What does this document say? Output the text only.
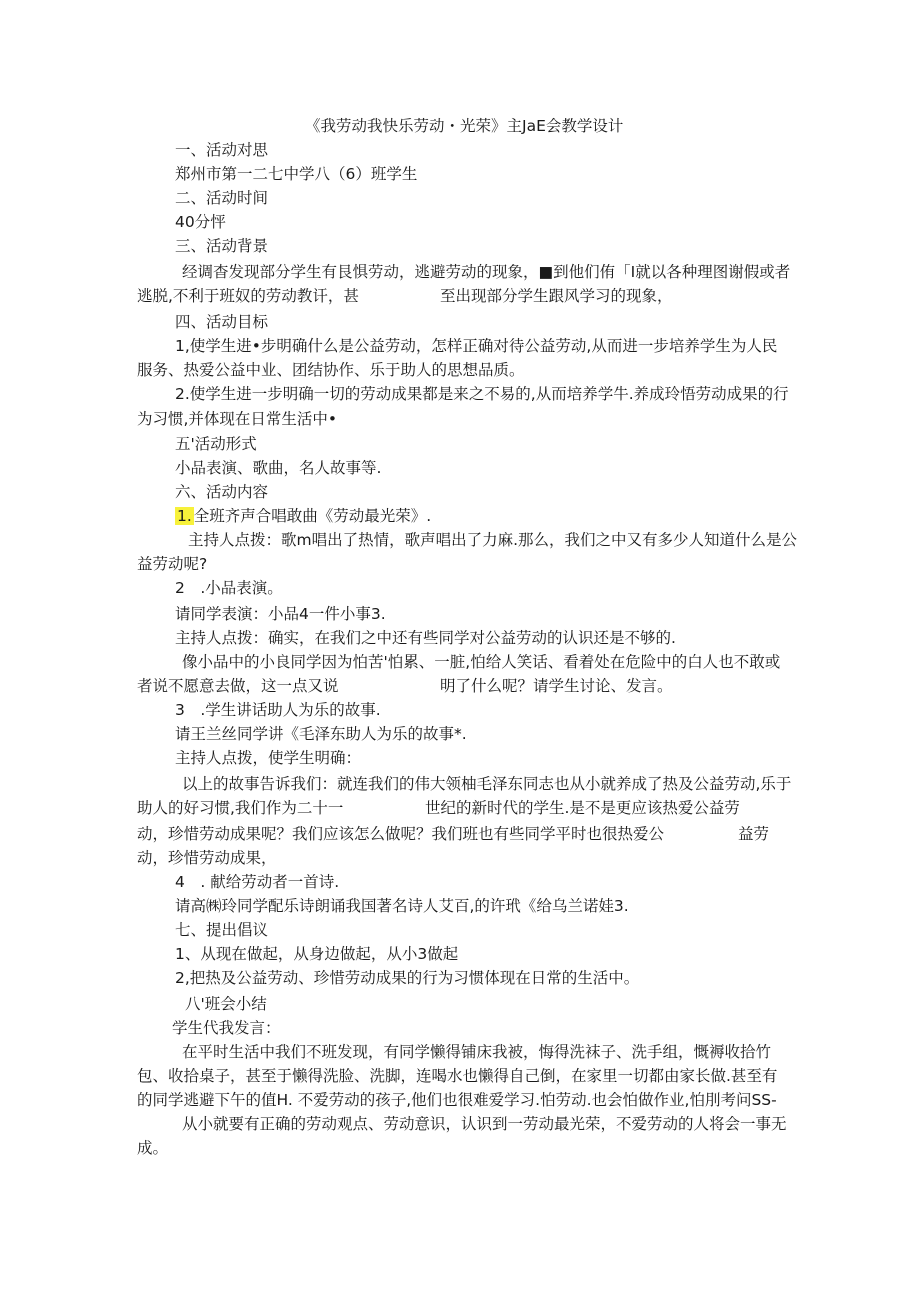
《我劳动我快乐劳动・光荣》主JaE会教学设计
一、活动对思
郑州市第一二七中学八（6）班学生
二、活动时间
40分怦
三、活动背景
经调杳发现部分学生有艮惧劳动，逃避劳动的现象，■到他们侑「I就以各种理图谢假或者
逃脱,不利于班奴的劳动教讦，甚	至出现部分学生跟风学习的现象，
四、活动目标
1,使学生进•步明确什么是公益劳动，怎样正确对待公益劳动,从而进一步培养学生为人民
服务、热爱公益中业、团结协作、乐于助人的思想品质。
2.使学生进一步明确一切的劳动成果都是来之不易的,从而培养学牛.养成玲悟劳动成果的行
为习惯,并体现在日常生活中•
五'活动形式
小品表演、歌曲，名人故事等.
六、活动内容
1. 全班齐声合唱敢曲《劳动最光荣》.
主持人点拨：歌m唱出了热情，歌声唱出了力麻.那么，我们之中又有多少人知道什么是公
益劳动呢?
2　.小品表演。
请同学表演：小品4一件小事3.
主持人点拨：确实，在我们之中还有些同学对公益劳动的认识还是不够的.
像小品中的小良同学因为怕苦'怕累、一脏,怕给人笑话、看着处在危险中的白人也不敢或
者说不愿意去做，这一点又说	明了什么呢？请学生讨论、发言。
3　.学生讲话助人为乐的故事.
请王兰丝同学讲《毛泽东助人为乐的故事*.
主持人点拨，使学生明确：
以上的故事告诉我们：就连我们的伟大领柚毛泽东同志也从小就养成了热及公益劳动,乐于
助人的好习惯,我们作为二十一	世纪的新时代的学生.是不是更应该热爱公益劳
动，珍惜劳动成果呢？我们应该怎么做呢？我们班也有些同学平时也很热爱公	益劳
动，珍惜劳动成果，
4　. 献给劳动者一首诗.
请高㈱玲同学配乐诗朗诵我国著名诗人艾百,的许玳《给乌兰诺娃3.
七、提出倡议
1、从现在做起，从身边做起，从小3做起
2,把热及公益劳动、珍惜劳动成果的行为习惯体现在日常的生活中。
八'班会小结
学生代我发言：
在平时生活中我们不班发现，有同学懒得铺床我被，悔得洗袜子、洗手组，慨褥收拾竹
包、收拾桌子，甚至于懒得洗脸、洗脚，连喝水也懒得自己倒，在家里一切都由家长做.甚至有
的同学逃避下午的值H. 不爱劳动的孩子,他们也很难爱学习.怕劳动.也会怕做作业,怕刖考问SS-
从小就要有正确的劳动观点、劳动意识，认识到一劳动最光荣，不爱劳动的人将会一事无
成。
